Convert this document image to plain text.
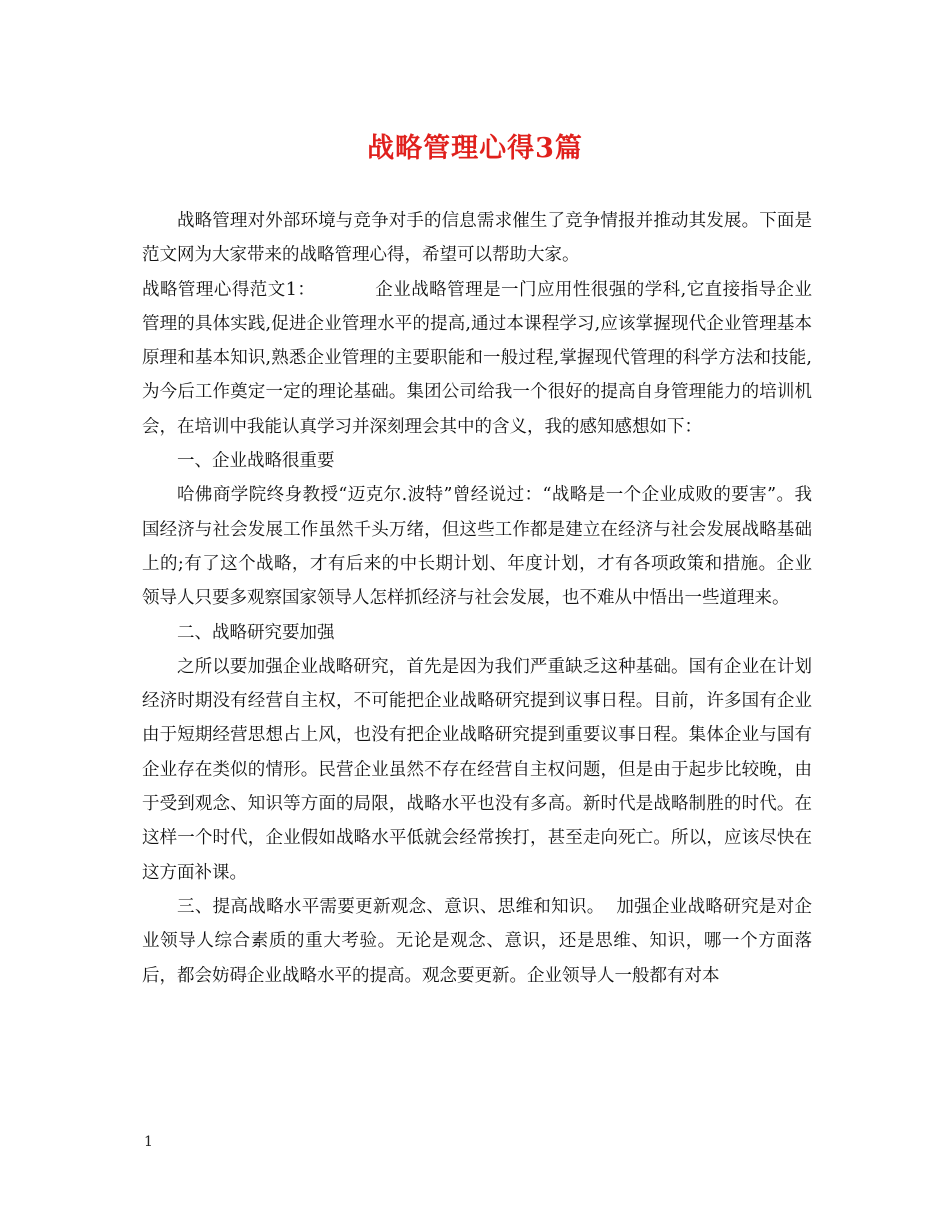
战略管理心得3篇

战略管理对外部环境与竞争对手的信息需求催生了竞争情报并推动其发展。下面是范文网为大家带来的战略管理心得，希望可以帮助大家。

战略管理心得范文1：	企业战略管理是一门应用性很强的学科,它直接指导企业管理的具体实践,促进企业管理水平的提高,通过本课程学习,应该掌握现代企业管理基本原理和基本知识,熟悉企业管理的主要职能和一般过程,掌握现代管理的科学方法和技能,为今后工作奠定一定的理论基础。集团公司给我一个很好的提高自身管理能力的培训机会，在培训中我能认真学习并深刻理会其中的含义，我的感知感想如下：

一、企业战略很重要

哈佛商学院终身教授“迈克尔.波特”曾经说过：“战略是一个企业成败的要害”。我国经济与社会发展工作虽然千头万绪，但这些工作都是建立在经济与社会发展战略基础上的;有了这个战略，才有后来的中长期计划、年度计划，才有各项政策和措施。企业领导人只要多观察国家领导人怎样抓经济与社会发展，也不难从中悟出一些道理来。

二、战略研究要加强

之所以要加强企业战略研究，首先是因为我们严重缺乏这种基础。国有企业在计划经济时期没有经营自主权，不可能把企业战略研究提到议事日程。目前，许多国有企业由于短期经营思想占上风，也没有把企业战略研究提到重要议事日程。集体企业与国有企业存在类似的情形。民营企业虽然不存在经营自主权问题，但是由于起步比较晚，由于受到观念、知识等方面的局限，战略水平也没有多高。新时代是战略制胜的时代。在这样一个时代，企业假如战略水平低就会经常挨打，甚至走向死亡。所以，应该尽快在这方面补课。

三、提高战略水平需要更新观念、意识、思维和知识。 加强企业战略研究是对企业领导人综合素质的重大考验。无论是观念、意识，还是思维、知识，哪一个方面落后，都会妨碍企业战略水平的提高。观念要更新。企业领导人一般都有对本

1
